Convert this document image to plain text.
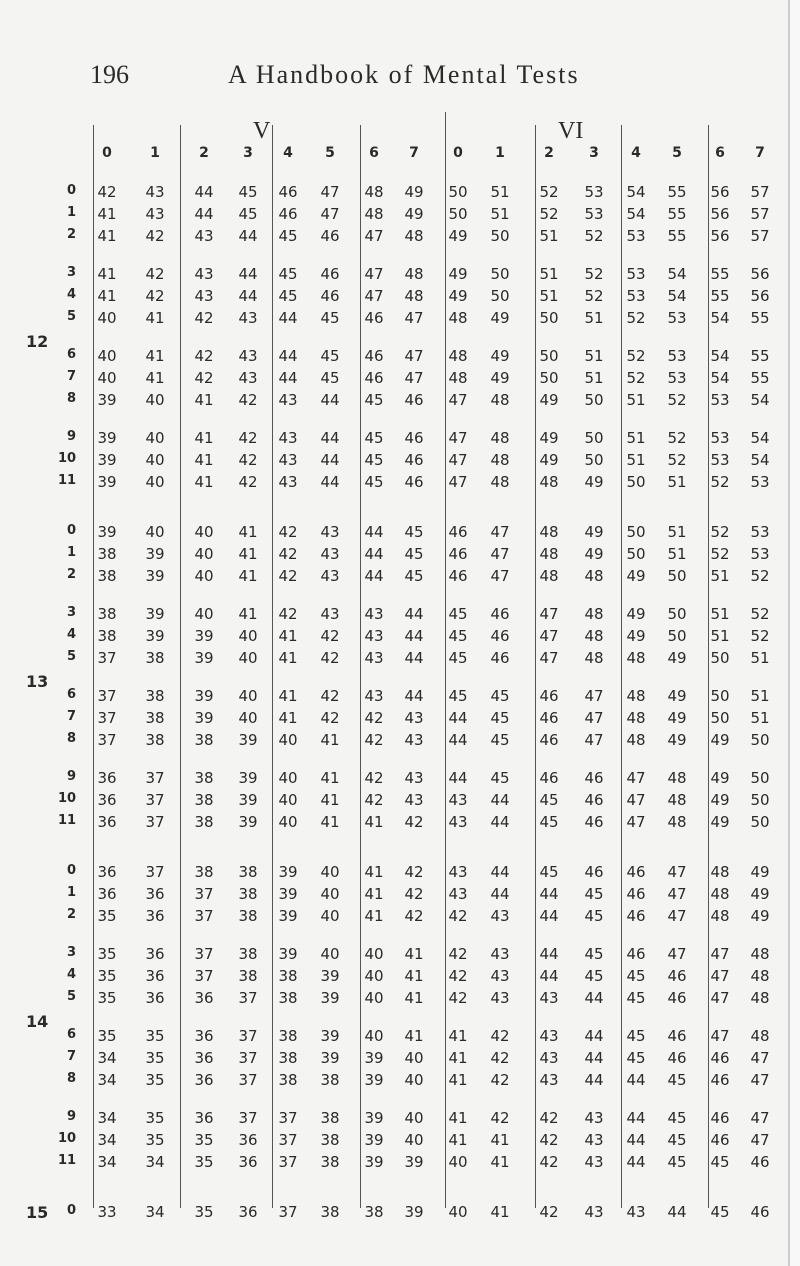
196	A Handbook of Mental Tests
V	VI
0	1	2	3	4	5	6	7	0	1	2	3	4	5	6	7
0	42	43	44	45	46	47	48	49	50	51	52	53	54	55	56	57
1	41	43	44	45	46	47	48	49	50	51	52	53	54	55	56	57
2	41	42	43	44	45	46	47	48	49	50	51	52	53	55	56	57
3	41	42	43	44	45	46	47	48	49	50	51	52	53	54	55	56
4	41	42	43	44	45	46	47	48	49	50	51	52	53	54	55	56
5	40	41	42	43	44	45	46	47	48	49	50	51	52	53	54	55
12
6	40	41	42	43	44	45	46	47	48	49	50	51	52	53	54	55
7	40	41	42	43	44	45	46	47	48	49	50	51	52	53	54	55
8	39	40	41	42	43	44	45	46	47	48	49	50	51	52	53	54
9	39	40	41	42	43	44	45	46	47	48	49	50	51	52	53	54
10	39	40	41	42	43	44	45	46	47	48	49	50	51	52	53	54
11	39	40	41	42	43	44	45	46	47	48	48	49	50	51	52	53
0	39	40	40	41	42	43	44	45	46	47	48	49	50	51	52	53
1	38	39	40	41	42	43	44	45	46	47	48	49	50	51	52	53
2	38	39	40	41	42	43	44	45	46	47	48	48	49	50	51	52
3	38	39	40	41	42	43	43	44	45	46	47	48	49	50	51	52
4	38	39	39	40	41	42	43	44	45	46	47	48	49	50	51	52
5	37	38	39	40	41	42	43	44	45	46	47	48	48	49	50	51
13
6	37	38	39	40	41	42	43	44	45	45	46	47	48	49	50	51
7	37	38	39	40	41	42	42	43	44	45	46	47	48	49	50	51
8	37	38	38	39	40	41	42	43	44	45	46	47	48	49	49	50
9	36	37	38	39	40	41	42	43	44	45	46	46	47	48	49	50
10	36	37	38	39	40	41	42	43	43	44	45	46	47	48	49	50
11	36	37	38	39	40	41	41	42	43	44	45	46	47	48	49	50
0	36	37	38	38	39	40	41	42	43	44	45	46	46	47	48	49
1	36	36	37	38	39	40	41	42	43	44	44	45	46	47	48	49
2	35	36	37	38	39	40	41	42	42	43	44	45	46	47	48	49
3	35	36	37	38	39	40	40	41	42	43	44	45	46	47	47	48
4	35	36	37	38	38	39	40	41	42	43	44	45	45	46	47	48
5	35	36	36	37	38	39	40	41	42	43	43	44	45	46	47	48
14
6	35	35	36	37	38	39	40	41	41	42	43	44	45	46	47	48
7	34	35	36	37	38	39	39	40	41	42	43	44	45	46	46	47
8	34	35	36	37	38	38	39	40	41	42	43	44	44	45	46	47
9	34	35	36	37	37	38	39	40	41	42	42	43	44	45	46	47
10	34	35	35	36	37	38	39	40	41	41	42	43	44	45	46	47
11	34	34	35	36	37	38	39	39	40	41	42	43	44	45	45	46
0	33	34	35	36	37	38	38	39	40	41	42	43	43	44	45	46
15
